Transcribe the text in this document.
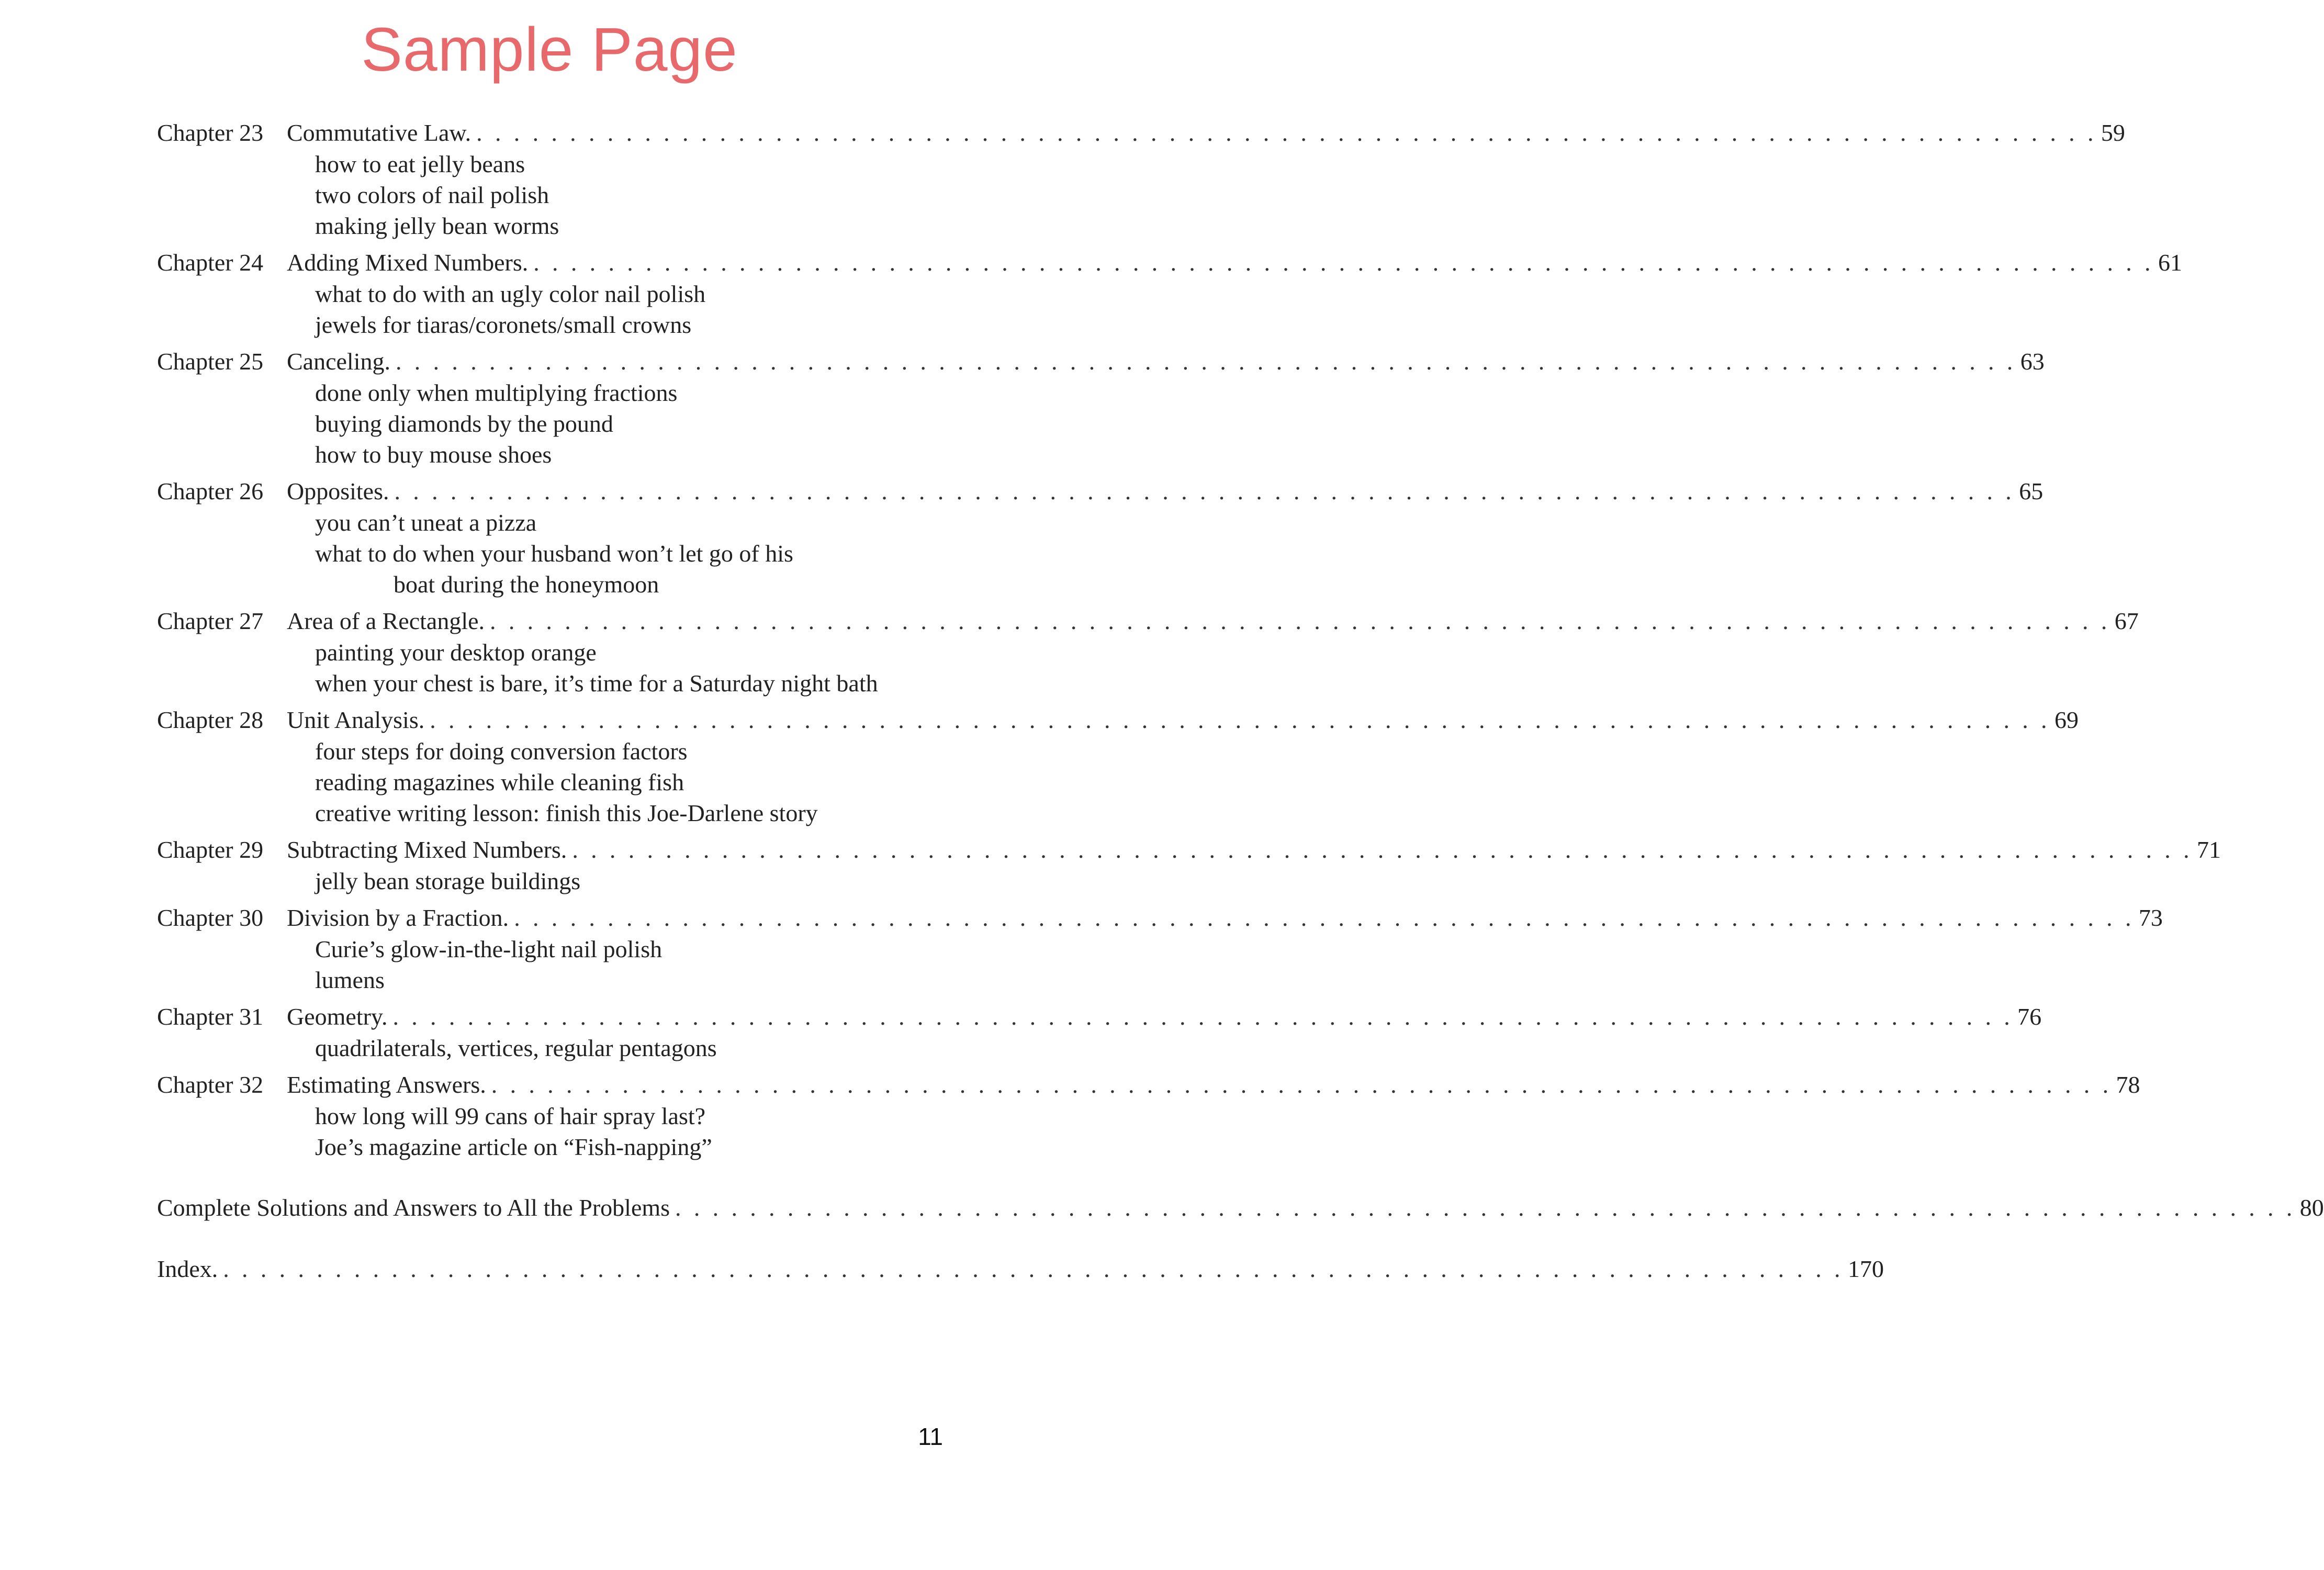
Sample Page
Chapter 23 Commutative Law. . . . . . . . . . . . . . . . . . . . . . . . . . . . . . . . . . . . . . . . . . . . . . . . . . . . . . . . . . . . . . . . . . . . . . . . . . . . . . . . . . . . . . . . 59
how to eat jelly beans
two colors of nail polish
making jelly bean worms
Chapter 24 Adding Mixed Numbers. . . . . . . . . . . . . . . . . . . . . . . . . . . . . . . . . . . . . . . . . . . . . . . . . . . . . . . . . . . . . . . . . . . . . . . . . . . . . . . . . . . . . . . . 61
what to do with an ugly color nail polish
jewels for tiaras/coronets/small crowns
Chapter 25 Canceling. . . . . . . . . . . . . . . . . . . . . . . . . . . . . . . . . . . . . . . . . . . . . . . . . . . . . . . . . . . . . . . . . . . . . . . . . . . . . . . . . . . . . . . . 63
done only when multiplying fractions
buying diamonds by the pound
how to buy mouse shoes
Chapter 26 Opposites. . . . . . . . . . . . . . . . . . . . . . . . . . . . . . . . . . . . . . . . . . . . . . . . . . . . . . . . . . . . . . . . . . . . . . . . . . . . . . . . . . . . . . . . 65
you can’t uneat a pizza
what to do when your husband won’t let go of his
boat during the honeymoon
Chapter 27 Area of a Rectangle. . . . . . . . . . . . . . . . . . . . . . . . . . . . . . . . . . . . . . . . . . . . . . . . . . . . . . . . . . . . . . . . . . . . . . . . . . . . . . . . . . . . . . . . 67
painting your desktop orange
when your chest is bare, it’s time for a Saturday night bath
Chapter 28 Unit Analysis. . . . . . . . . . . . . . . . . . . . . . . . . . . . . . . . . . . . . . . . . . . . . . . . . . . . . . . . . . . . . . . . . . . . . . . . . . . . . . . . . . . . . . . . 69
four steps for doing conversion factors
reading magazines while cleaning fish
creative writing lesson: finish this Joe-Darlene story
Chapter 29 Subtracting Mixed Numbers. . . . . . . . . . . . . . . . . . . . . . . . . . . . . . . . . . . . . . . . . . . . . . . . . . . . . . . . . . . . . . . . . . . . . . . . . . . . . . . . . . . . . . . . 71
jelly bean storage buildings
Chapter 30 Division by a Fraction. . . . . . . . . . . . . . . . . . . . . . . . . . . . . . . . . . . . . . . . . . . . . . . . . . . . . . . . . . . . . . . . . . . . . . . . . . . . . . . . . . . . . . . . 73
Curie’s glow-in-the-light nail polish
lumens
Chapter 31 Geometry. . . . . . . . . . . . . . . . . . . . . . . . . . . . . . . . . . . . . . . . . . . . . . . . . . . . . . . . . . . . . . . . . . . . . . . . . . . . . . . . . . . . . . . . 76
quadrilaterals, vertices, regular pentagons
Chapter 32 Estimating Answers. . . . . . . . . . . . . . . . . . . . . . . . . . . . . . . . . . . . . . . . . . . . . . . . . . . . . . . . . . . . . . . . . . . . . . . . . . . . . . . . . . . . . . . . 78
how long will 99 cans of hair spray last?
Joe’s magazine article on “Fish-napping”
Complete Solutions and Answers to All the Problems . . . . . . . . . . . . . . . . . . . . . . . . . . . . . . . . . . . . . . . . . . . . . . . . . . . . . . . . . . . . . . . . . . . . . . . . . . . . . . . . . . . . . . . 80
Index. . . . . . . . . . . . . . . . . . . . . . . . . . . . . . . . . . . . . . . . . . . . . . . . . . . . . . . . . . . . . . . . . . . . . . . . . . . . . . . . . . . . . . . . 170
11
